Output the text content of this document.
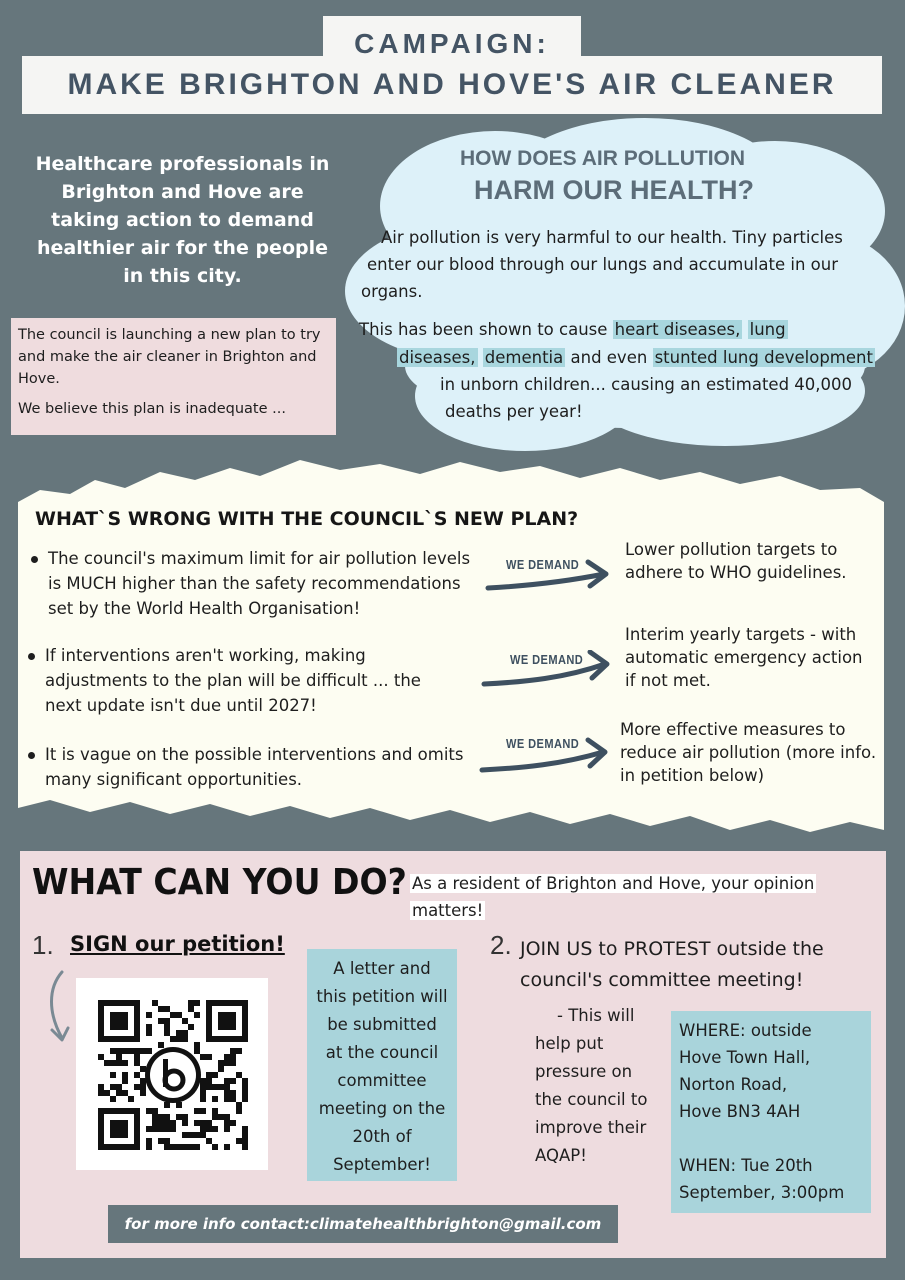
MAKE BRIGHTON AND HOVE'S AIR CLEANER
CAMPAIGN:
Healthcare professionals in Brighton and Hove are taking action to demand healthier air for the people in this city.

The council is launching a new plan to try and make the air cleaner in Brighton and Hove.

We believe this plan is inadequate ...

HOW DOES AIR POLLUTION
HARM OUR HEALTH?
Air pollution is very harmful to our health. Tiny particles
enter our blood through our lungs and accumulate in our
organs.
This has been shown to cause heart diseases, lung
diseases, dementia and even stunted lung development
in unborn children... causing an estimated 40,000
deaths per year!
WHAT`S WRONG WITH THE COUNCIL`S NEW PLAN?
The council's maximum limit for air pollution levels
is MUCH higher than the safety recommendations
set by the World Health Organisation!
WE DEMAND
Lower pollution targets to
adhere to WHO guidelines.
If interventions aren't working, making
adjustments to the plan will be difficult ... the
next update isn't due until 2027!
WE DEMAND
Interim yearly targets - with
automatic emergency action
if not met.
It is vague on the possible interventions and omits
many significant opportunities.
WE DEMAND
More effective measures to
reduce air pollution (more info.
in petition below)
WHAT CAN YOU DO? As a resident of Brighton and Hove, your opinion
matters!
1. SIGN our petition!
A letter and
this petition will
be submitted
at the council
committee
meeting on the
20th of
September!
2. JOIN US to PROTEST outside the
council's committee meeting!
- This will
help put
pressure on
the council to
improve their
AQAP!
WHERE: outside
Hove Town Hall,
Norton Road,
Hove BN3 4AH
WHEN: Tue 20th
September, 3:00pm
for more info contact:climatehealthbrighton@gmail.com
